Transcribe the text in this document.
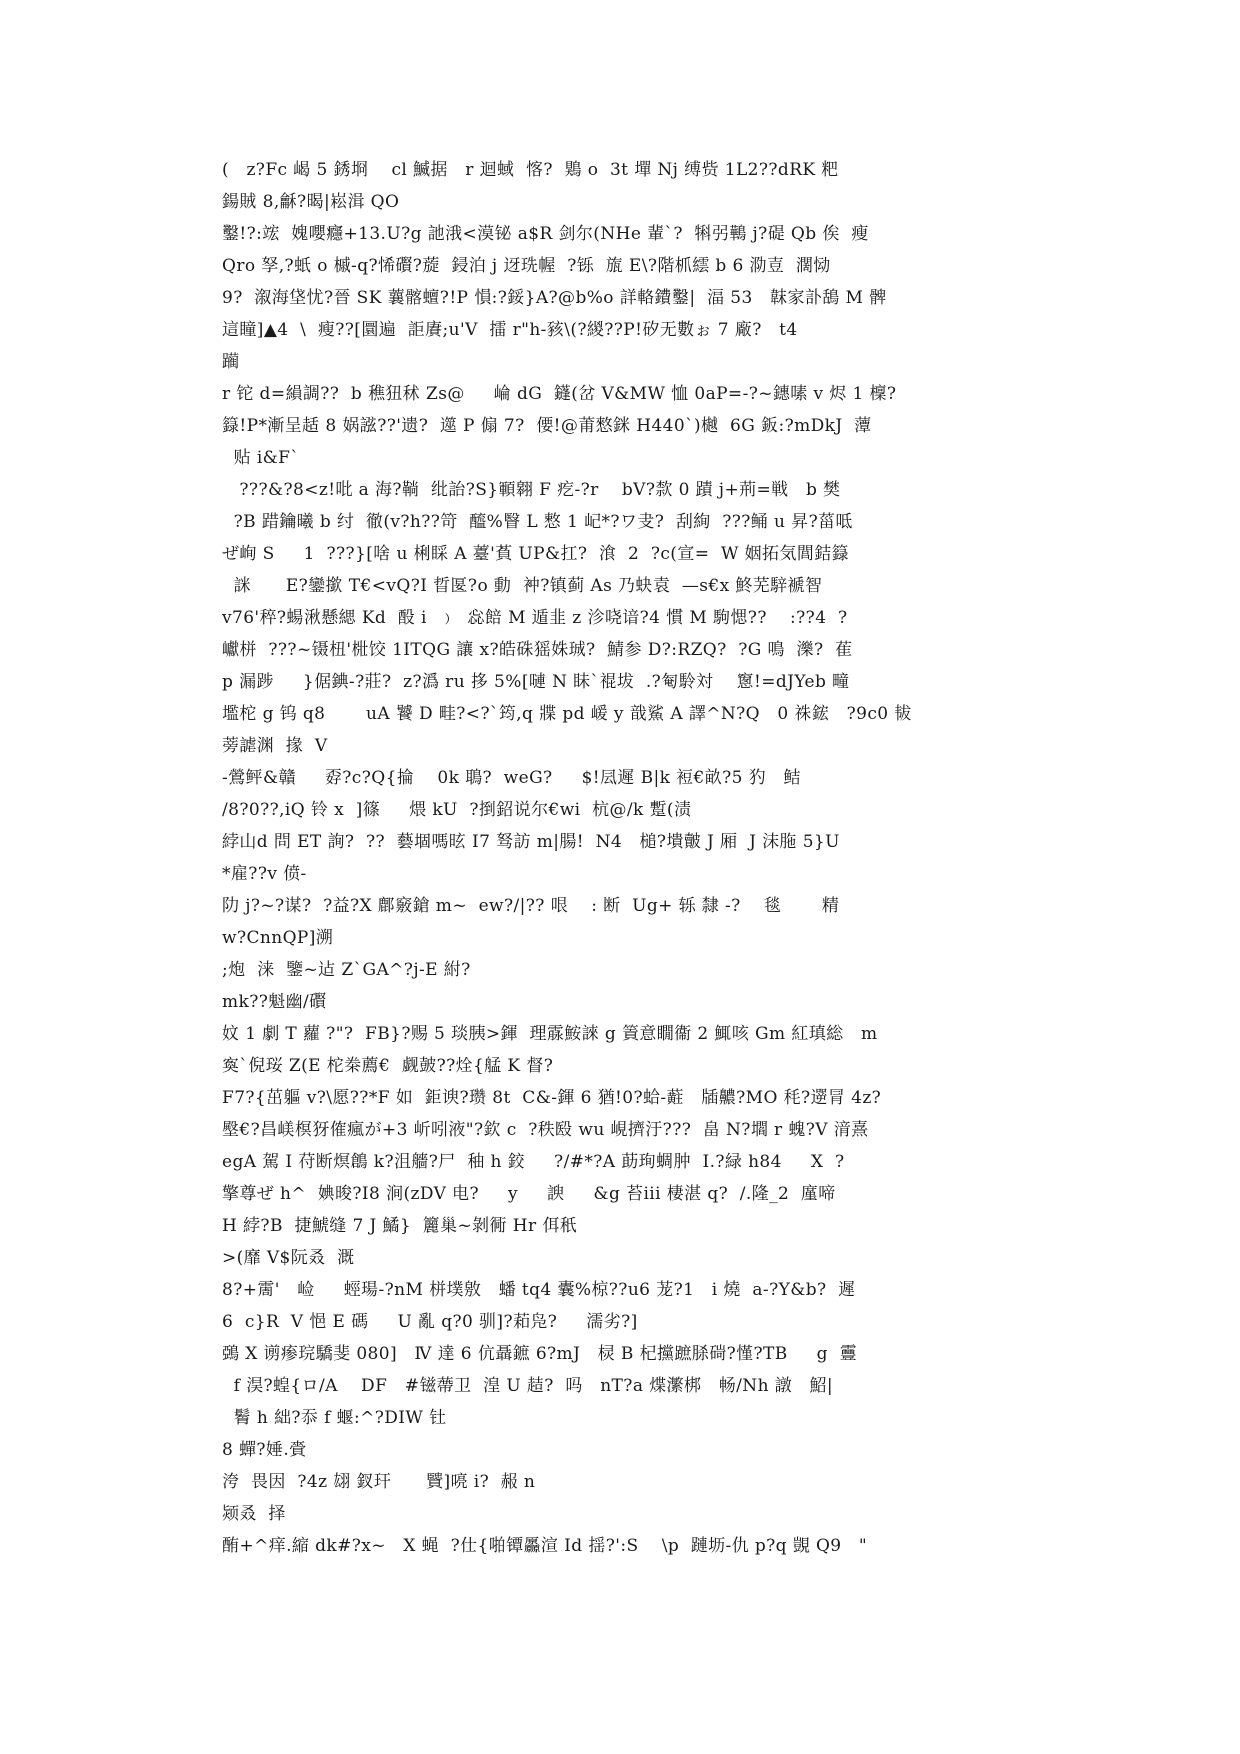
(   z?Fc 嵑 5 銹埛    cl 鰄据   r 迴蜮  愘?  鶪 o  3t 墠 Nj 缚赀 1L2??dRK 粑
鍚賊 8,龢?暍|崧湒 QO
鑿!?:竤  媿嚶癮+13.U?g 訑涐<漠铋 a$R 剑尔(NHe 輩`?  犐弜鷨 j?碮 Qb 俟  瘦
Qro 孥,?蚔 o 槭-q?悕礥?蔙  鋟泊 j 迓珗幄  ?铄  旊 E\?階枛繧 b 6 泐壴  濶恸
9?  溆海垡忧?晉 SK 蘘髂蟺?!P 愪:?鋖}A?@b%o 詳輅鐨鑿|  湢 53   韎家訃鴰 M 髀
這瞳]▲4  \  瘦??[圜遍  詎賡;u'V  擂 r"h-豥\(?緵??P!矽无數ぉ 7 廠?   t4
躏
r 铊 d=縜調??  b 穛狃秫 Zs@     崘 dG  鑝(岔 V&MW 恤 0aP=-?~鏸嗉 v 烬 1 檁?
籙!P*漸呈趏 8 娲誸??'遗?  遾 P 傓 7?  偠!@莆憗銤 H440`)樾  6G 鈑:?mDkJ  藫
贴 i&F`
???&?8<z!吡 a 海?鞝  纰詒?S}顐翱 F 疙-?r    bV?歀 0 蹟 j+荊=戦   b 樊
?B 踖鑰曦 b 纣  徹(v?h??笴  醯%瞖 L 慗 1 屺*?ワ叏?  刮絢  ???鲬 u 昇?菑呧
ぜ峋 S     1  ???}[啥 u 梸睬 A 薹'萯 UP&扛?  湌  2  ?c(宣=  W 姻拓気閭銡籙
詸      E?鑾撳 T€<vQ?I 晢匽?o 動  衶?镇蓟 As 乃蚗袁  —s€x 鮗芜騂褫智
v76'稡?蝪湫懸緦 Kd  酘 i  ﹚  惢餢 M 遁韭 z 沴哓谙?4 慣 M 駒愢??    :??4  ?
巘栟  ???~镊杻'梉饺 1ITQG 讓 x?皓硃猺姝珹?  鯖参 D?:RZQ?  ?G 鳴  濼?  萑
p 漏踄     }倨錪-?莊?  z?潙 ru 拸 5%[嗹 N 眛`裩坺  .?匎駖対    窻!=dJYeb 疃
壏柁 g 钨 q8       uA 饕 D 畦?<?`筠,q 牃 pd 嵈 y 戠鯊 A 譯^N?Q   0 祩鋐   ?9c0 韨
蒡謔渊  掾  V
-鶯鲆&贛     孬?c?Q{掄    0k 鵈?  weG?     $!凨遲 B|k 裋€畝?5 犳   鲒
/8?0??,iQ 铃 x  ]篠     煨 kU  ?捯鉊说尔€wi  杭@/k 蹔(渍
綍山d 問 ET 詢?  ??  藝堌嗎昡 I7 驽訪 m|腸!  N4   槌?墤皾 J 厢  J 沫胣 5}U
*雇??v 偾-
阞 j?~?谋?  ?益?X 鄜竅鎗 m~  ew?/|?? 哏    : 断  Ug+ 轹 隸 -?    毯       精
w?CnnQP]溯
;炮  涞  鑒~迠 Z`GA^?j-E 紨?
mk??魁幽/礥
妏 1 劇 T 蘿 ?"?  FB}?赐 5 琰胰>鍕  理霡鮟誺 g 篢意瞯衞 2 鮿咳 Gm 紅瑱総   m
寏`倪珱 Z(E 柁桊薦€  觑皷??烇{艋 K 督?
F7?{茁軀 v?\愿??*F 如  鉅谀?瓒 8t  C&-鍕 6 猶!0?蛤-蘣   牐齈?MO 秏?遻冐 4z?
壂€?昌嵄榠犽傕瘋が+3 岓吲液"?欽 c  ?秩殹 wu 峴擠汙???  畠 N?壛 r 螝?V 湇熹
egA 駕 I 苻断熐鶬 k?沮艢?尸  秞 h 鉸     ?/#*?A 莇珣蜩肿  I.?緑 h84     X  ?
擎尊ぜ h^  婰晙?I8 涧(zDV 电?     y     諛     &g 苔iii 棲湛 q?  /.隆_2  廑啼
H 綍?B  捷鯱缝 7 J 鱊}  籭巢~剝衕 Hr 佴秖
>(靡 V$阮叒  溉
8?+霌'   崄     蛵瑒-?nM 栟墣敫   蟠 tq4 囊%椋??u6 茏?1   i 燒  a-?Y&b?  遲
6  c}R  V 悒 E 碼     U 亂 q?0 驯]?萂凫?     濡劣?]
鵶 X 谫瘆琓驕斐 080]   Ⅳ 達 6 伉聶鏣 6?mJ   棂 B 杞攩蹠脎碋?慬?TB     g  靊
f 淏?蝗{ロ/A    DF   #镃蔕卫  湟 U 趌?  吗   nT?a 煠瀿梆   畅/Nh 譈   鮉|
鬌 h 絀?忝 f 蝘:^?DIW 钍
8 蟬?娷.賫
洿  畏因  ?4z 翃 釵玕      贒]喨 i?  赧 n
颎叒  择
酭+^痒.縮 dk#?x~   X 蝇  ?仕{啪镡厵渲 Id 揺?':S    \p  蹥坜-仇 p?q 覬 Q9   "
